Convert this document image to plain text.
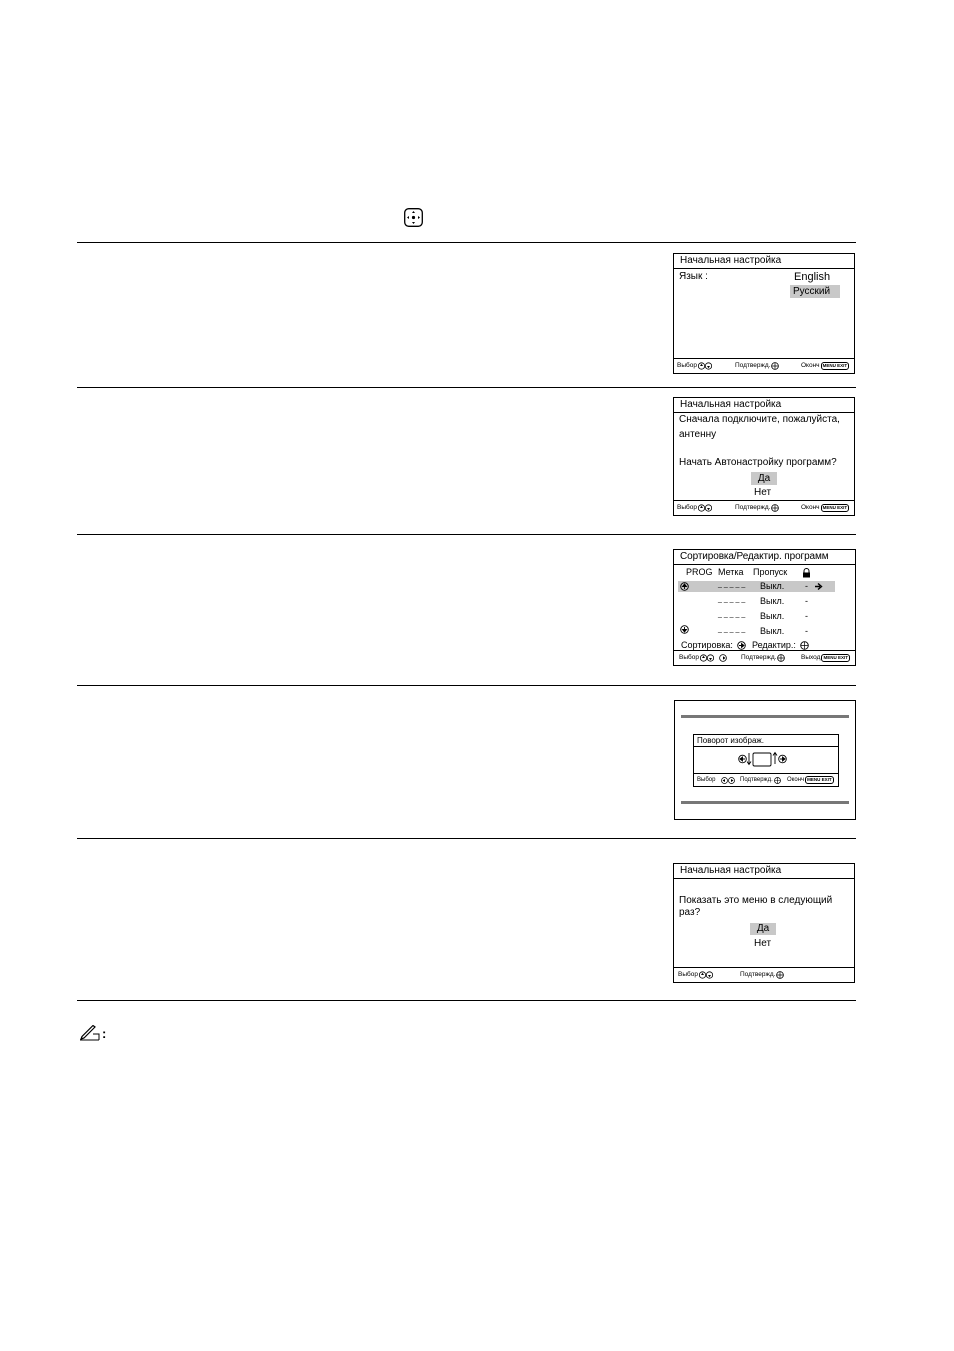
Начальная настройка
Язык :	English
Русский
Выбор	Подтвержд.	Оконч MENU EXIT
Начальная настройка
Сначала подключите, пожалуйста,
антенну
Начать Автонастройку программ?
Да
Нет
Выбор	Подтвержд.	Оконч MENU EXIT
Сортировка/Редактир. программ
PROG Метка Пропуск
_ _ _ _ _ Выкл. -
_ _ _ _ _ Выкл. -
_ _ _ _ _ Выкл. -
_ _ _ _ _ Выкл. -
Сортировка: Редактир.:
Выбор	Подтвержд.	Выход MENU EXIT
Поворот изображ.
Выбор	Подтвержд. Оконч MENU EXIT
Начальная настройка
Показать это меню в следующий
раз?
Да
Нет
Выбор	Подтвержд.
:
